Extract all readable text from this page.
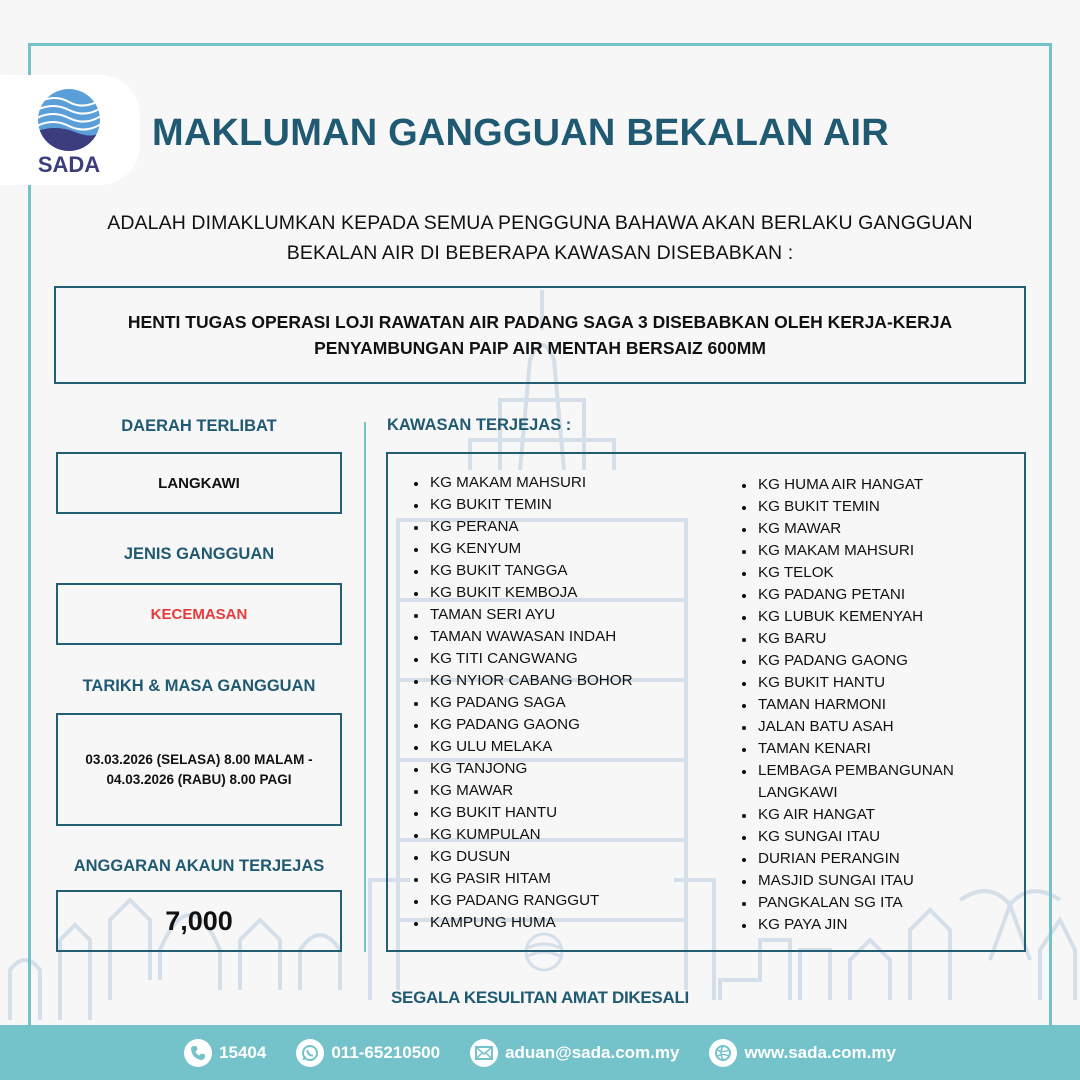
SADA
MAKLUMAN GANGGUAN BEKALAN AIR
ADALAH DIMAKLUMKAN KEPADA SEMUA PENGGUNA BAHAWA AKAN BERLAKU GANGGUAN
BEKALAN AIR DI BEBERAPA KAWASAN DISEBABKAN :
HENTI TUGAS OPERASI LOJI RAWATAN AIR PADANG SAGA 3 DISEBABKAN OLEH KERJA-KERJA
PENYAMBUNGAN PAIP AIR MENTAH BERSAIZ 600MM
DAERAH TERLIBAT
LANGKAWI
JENIS GANGGUAN
KECEMASAN
TARIKH & MASA GANGGUAN
03.03.2026 (SELASA) 8.00 MALAM -
04.03.2026 (RABU) 8.00 PAGI
ANGGARAN AKAUN TERJEJAS
7,000
KAWASAN TERJEJAS :
KG MAKAM MAHSURI
KG BUKIT TEMIN
KG PERANA
KG KENYUM
KG BUKIT TANGGA
KG BUKIT KEMBOJA
TAMAN SERI AYU
TAMAN WAWASAN INDAH
KG TITI CANGWANG
KG NYIOR CABANG BOHOR
KG PADANG SAGA
KG PADANG GAONG
KG ULU MELAKA
KG TANJONG
KG MAWAR
KG BUKIT HANTU
KG KUMPULAN
KG DUSUN
KG PASIR HITAM
KG PADANG RANGGUT
KAMPUNG HUMA
KG HUMA AIR HANGAT
KG BUKIT TEMIN
KG MAWAR
KG MAKAM MAHSURI
KG TELOK
KG PADANG PETANI
KG LUBUK KEMENYAH
KG BARU
KG PADANG GAONG
KG BUKIT HANTU
TAMAN HARMONI
JALAN BATU ASAH
TAMAN KENARI
LEMBAGA PEMBANGUNAN LANGKAWI
KG AIR HANGAT
KG SUNGAI ITAU
DURIAN PERANGIN
MASJID SUNGAI ITAU
PANGKALAN SG ITA
KG PAYA JIN
SEGALA KESULITAN AMAT DIKESALI
15404	011-65210500	aduan@sada.com.my	www.sada.com.my
